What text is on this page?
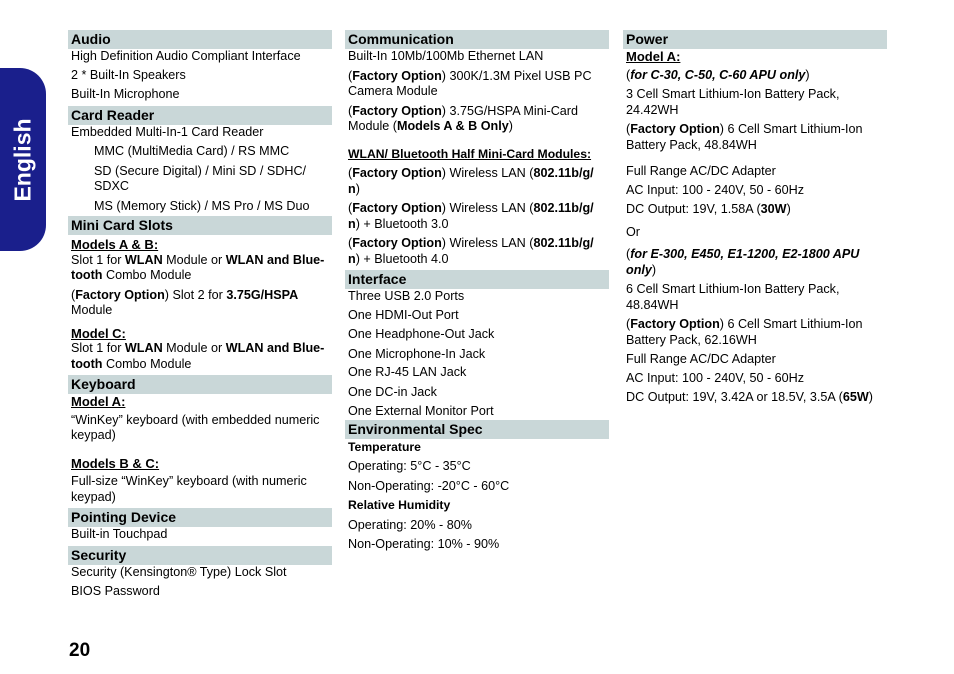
English
Audio

High Definition Audio Compliant Interface

2 * Built-In Speakers

Built-In Microphone

Card Reader

Embedded Multi-In-1 Card Reader

MMC (MultiMedia Card) / RS MMC

SD (Secure Digital) / Mini SD / SDHC/

SDXC

MS (Memory Stick) / MS Pro / MS Duo

Mini Card Slots

Models A & B:

Slot 1 for WLAN Module or WLAN and Blue-

tooth Combo Module

(Factory Option) Slot 2 for 3.75G/HSPA

Module

Model C:

Slot 1 for WLAN Module or WLAN and Blue-

tooth Combo Module

Keyboard

Model A:

“WinKey” keyboard (with embedded numeric

keypad)

Models B & C:

Full-size “WinKey” keyboard (with numeric

keypad)

Pointing Device

Built-in Touchpad

Security

Security (Kensington® Type) Lock Slot

BIOS Password

Communication

Built-In 10Mb/100Mb Ethernet LAN

(Factory Option) 300K/1.3M Pixel USB PC

Camera Module

(Factory Option) 3.75G/HSPA Mini-Card

Module (Models A & B Only)

WLAN/ Bluetooth Half Mini-Card Modules:

(Factory Option) Wireless LAN (802.11b/g/

n)

(Factory Option) Wireless LAN (802.11b/g/

n) + Bluetooth 3.0

(Factory Option) Wireless LAN (802.11b/g/

n) + Bluetooth 4.0

Interface

Three USB 2.0 Ports

One HDMI-Out Port

One Headphone-Out Jack

One Microphone-In Jack

One RJ-45 LAN Jack

One DC-in Jack

One External Monitor Port

Environmental Spec

Temperature

Operating: 5°C - 35°C

Non-Operating: -20°C - 60°C

Relative Humidity

Operating: 20% - 80%

Non-Operating: 10% - 90%

Power

Model A:

(for C-30, C-50, C-60 APU only)

3 Cell Smart Lithium-Ion Battery Pack,

24.42WH

(Factory Option) 6 Cell Smart Lithium-Ion

Battery Pack, 48.84WH

Full Range AC/DC Adapter

AC Input: 100 - 240V, 50 - 60Hz

DC Output: 19V, 1.58A (30W)

Or

(for E-300, E450, E1-1200, E2-1800 APU

only)

6 Cell Smart Lithium-Ion Battery Pack,

48.84WH

(Factory Option) 6 Cell Smart Lithium-Ion

Battery Pack, 62.16WH

Full Range AC/DC Adapter

AC Input: 100 - 240V, 50 - 60Hz

DC Output: 19V, 3.42A or 18.5V, 3.5A (65W)

20
